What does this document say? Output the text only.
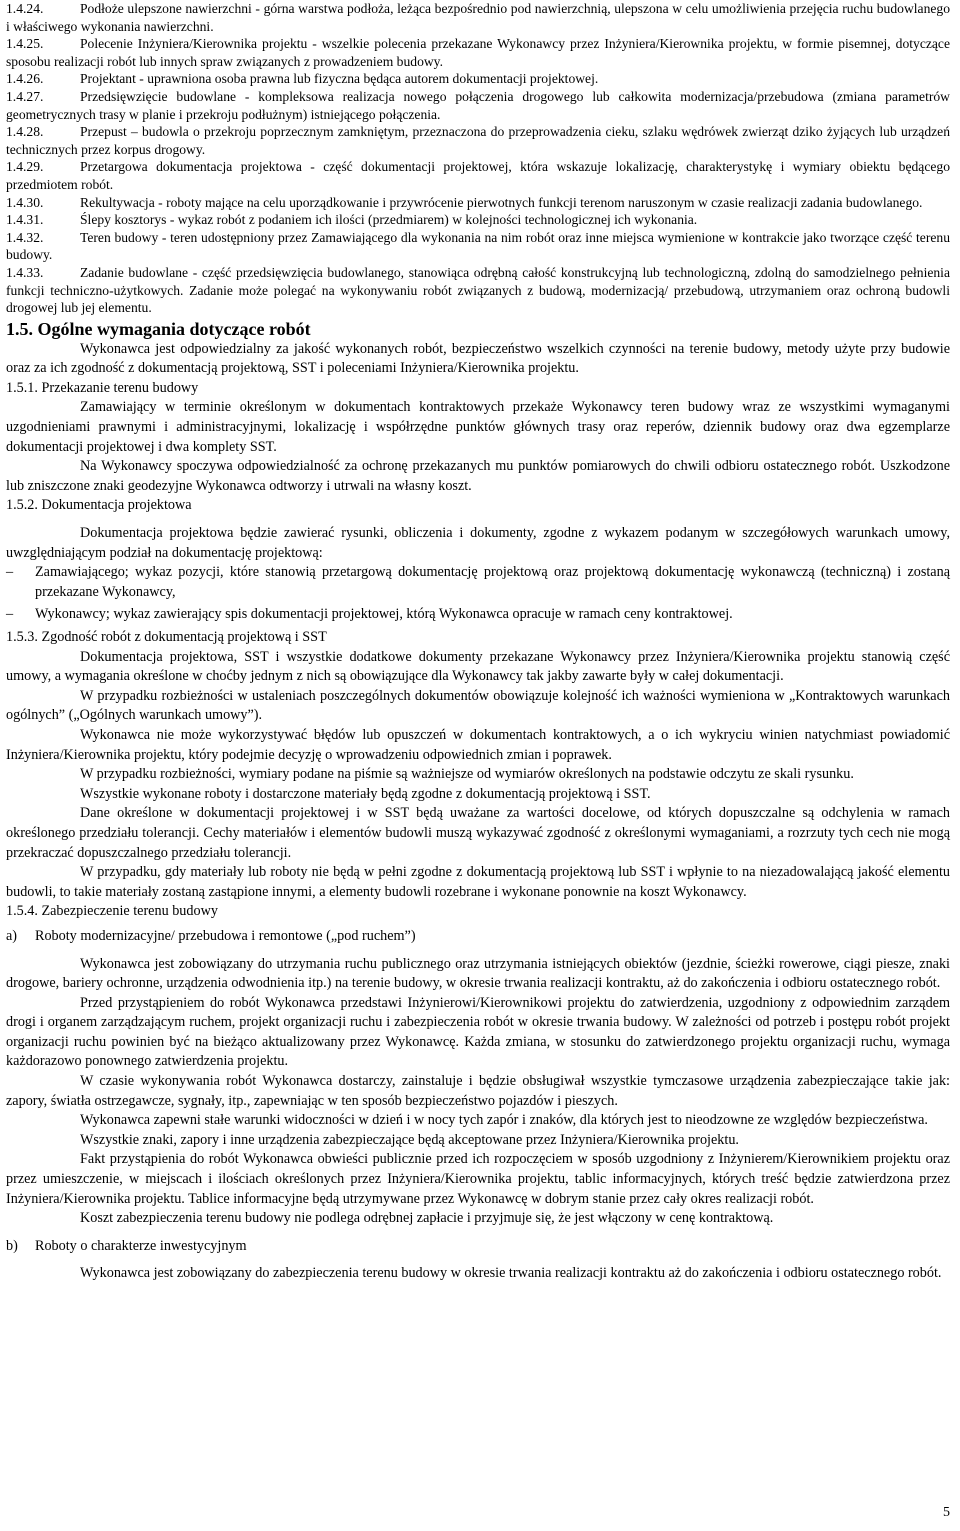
1.4.24.	Podłoże ulepszone nawierzchni - górna warstwa podłoża, leżąca bezpośrednio pod nawierzchnią, ulepszona w celu umożliwienia przejęcia ruchu budowlanego i właściwego wykonania nawierzchni.

1.4.25.	Polecenie Inżyniera/Kierownika projektu - wszelkie polecenia przekazane Wykonawcy przez Inżyniera/Kierownika projektu, w formie pisemnej, dotyczące sposobu realizacji robót lub innych spraw związanych z prowadzeniem budowy.

1.4.26.	Projektant - uprawniona osoba prawna lub fizyczna będąca autorem dokumentacji projektowej.

1.4.27.	Przedsięwzięcie budowlane - kompleksowa realizacja nowego połączenia drogowego lub całkowita modernizacja/przebudowa (zmiana parametrów geometrycznych trasy w planie i przekroju podłużnym) istniejącego połączenia.

1.4.28.	Przepust – budowla o przekroju poprzecznym zamkniętym, przeznaczona do przeprowadzenia cieku, szlaku wędrówek zwierząt dziko żyjących lub urządzeń technicznych przez korpus drogowy.

1.4.29.	Przetargowa dokumentacja projektowa - część dokumentacji projektowej, która wskazuje lokalizację, charakterystykę i wymiary obiektu będącego przedmiotem robót.

1.4.30.	Rekultywacja - roboty mające na celu uporządkowanie i przywrócenie pierwotnych funkcji terenom naruszonym w czasie realizacji zadania budowlanego.

1.4.31.	Ślepy kosztorys - wykaz robót z podaniem ich ilości (przedmiarem) w kolejności technologicznej ich wykonania.

1.4.32.	Teren budowy - teren udostępniony przez Zamawiającego dla wykonania na nim robót oraz inne miejsca wymienione w kontrakcie jako tworzące część terenu budowy.

1.4.33.	Zadanie budowlane - część przedsięwzięcia budowlanego, stanowiąca odrębną całość konstrukcyjną lub technologiczną, zdolną do samodzielnego pełnienia funkcji techniczno-użytkowych. Zadanie może polegać na wykonywaniu robót związanych z budową, modernizacją/ przebudową, utrzymaniem oraz ochroną budowli drogowej lub jej elementu.

1.5. Ogólne wymagania dotyczące robót

Wykonawca jest odpowiedzialny za jakość wykonanych robót, bezpieczeństwo wszelkich czynności na terenie budowy, metody użyte przy budowie oraz za ich zgodność z dokumentacją projektową, SST i poleceniami Inżyniera/Kierownika projektu.

1.5.1. Przekazanie terenu budowy

Zamawiający w terminie określonym w dokumentach kontraktowych przekaże Wykonawcy teren budowy wraz ze wszystkimi wymaganymi uzgodnieniami prawnymi i administracyjnymi, lokalizację i współrzędne punktów głównych trasy oraz reperów, dziennik budowy oraz dwa egzemplarze dokumentacji projektowej i dwa komplety SST.

Na Wykonawcy spoczywa odpowiedzialność za ochronę przekazanych mu punktów pomiarowych do chwili odbioru ostatecznego robót. Uszkodzone lub zniszczone znaki geodezyjne Wykonawca odtworzy i utrwali na własny koszt.

1.5.2. Dokumentacja projektowa

Dokumentacja projektowa będzie zawierać rysunki, obliczenia i dokumenty, zgodne z wykazem podanym w szczegółowych warunkach umowy, uwzględniającym podział na dokumentację projektową:

– Zamawiającego; wykaz pozycji, które stanowią przetargową dokumentację projektową oraz projektową dokumentację wykonawczą (techniczną) i zostaną przekazane Wykonawcy,

– Wykonawcy; wykaz zawierający spis dokumentacji projektowej, którą Wykonawca opracuje w ramach ceny kontraktowej.

1.5.3. Zgodność robót z dokumentacją projektową i SST

Dokumentacja projektowa, SST i wszystkie dodatkowe dokumenty przekazane Wykonawcy przez Inżyniera/Kierownika projektu stanowią część umowy, a wymagania określone w choćby jednym z nich są obowiązujące dla Wykonawcy tak jakby zawarte były w całej dokumentacji.

W przypadku rozbieżności w ustaleniach poszczególnych dokumentów obowiązuje kolejność ich ważności wymieniona w „Kontraktowych warunkach ogólnych” („Ogólnych warunkach umowy”).

Wykonawca nie może wykorzystywać błędów lub opuszczeń w dokumentach kontraktowych, a o ich wykryciu winien natychmiast powiadomić Inżyniera/Kierownika projektu, który podejmie decyzję o wprowadzeniu odpowiednich zmian i poprawek.

W przypadku rozbieżności, wymiary podane na piśmie są ważniejsze od wymiarów określonych na podstawie odczytu ze skali rysunku.

Wszystkie wykonane roboty i dostarczone materiały będą zgodne z dokumentacją projektową i SST.

Dane określone w dokumentacji projektowej i w SST będą uważane za wartości docelowe, od których dopuszczalne są odchylenia w ramach określonego przedziału tolerancji. Cechy materiałów i elementów budowli muszą wykazywać zgodność z określonymi wymaganiami, a rozrzuty tych cech nie mogą przekraczać dopuszczalnego przedziału tolerancji.

W przypadku, gdy materiały lub roboty nie będą w pełni zgodne z dokumentacją projektową lub SST i wpłynie to na niezadowalającą jakość elementu budowli, to takie materiały zostaną zastąpione innymi, a elementy budowli rozebrane i wykonane ponownie na koszt Wykonawcy.

1.5.4. Zabezpieczenie terenu budowy

a) Roboty modernizacyjne/ przebudowa i remontowe („pod ruchem”)

Wykonawca jest zobowiązany do utrzymania ruchu publicznego oraz utrzymania istniejących obiektów (jezdnie, ścieżki rowerowe, ciągi piesze, znaki drogowe, bariery ochronne, urządzenia odwodnienia itp.) na terenie budowy, w okresie trwania realizacji kontraktu, aż do zakończenia i odbioru ostatecznego robót.

Przed przystąpieniem do robót Wykonawca przedstawi Inżynierowi/Kierownikowi projektu do zatwierdzenia, uzgodniony z odpowiednim zarządem drogi i organem zarządzającym ruchem, projekt organizacji ruchu i zabezpieczenia robót w okresie trwania budowy. W zależności od potrzeb i postępu robót projekt organizacji ruchu powinien być na bieżąco aktualizowany przez Wykonawcę. Każda zmiana, w stosunku do zatwierdzonego projektu organizacji ruchu, wymaga każdorazowo ponownego zatwierdzenia projektu.

W czasie wykonywania robót Wykonawca dostarczy, zainstaluje i będzie obsługiwał wszystkie tymczasowe urządzenia zabezpieczające takie jak: zapory, światła ostrzegawcze, sygnały, itp., zapewniając w ten sposób bezpieczeństwo pojazdów i pieszych.

Wykonawca zapewni stałe warunki widoczności w dzień i w nocy tych zapór i znaków, dla których jest to nieodzowne ze względów bezpieczeństwa.

Wszystkie znaki, zapory i inne urządzenia zabezpieczające będą akceptowane przez Inżyniera/Kierownika projektu.

Fakt przystąpienia do robót Wykonawca obwieści publicznie przed ich rozpoczęciem w sposób uzgodniony z Inżynierem/Kierownikiem projektu oraz przez umieszczenie, w miejscach i ilościach określonych przez Inżyniera/Kierownika projektu, tablic informacyjnych, których treść będzie zatwierdzona przez Inżyniera/Kierownika projektu. Tablice informacyjne będą utrzymywane przez Wykonawcę w dobrym stanie przez cały okres realizacji robót.

Koszt zabezpieczenia terenu budowy nie podlega odrębnej zapłacie i przyjmuje się, że jest włączony w cenę kontraktową.

b) Roboty o charakterze inwestycyjnym

Wykonawca jest zobowiązany do zabezpieczenia terenu budowy w okresie trwania realizacji kontraktu aż do zakończenia i odbioru ostatecznego robót.

5
